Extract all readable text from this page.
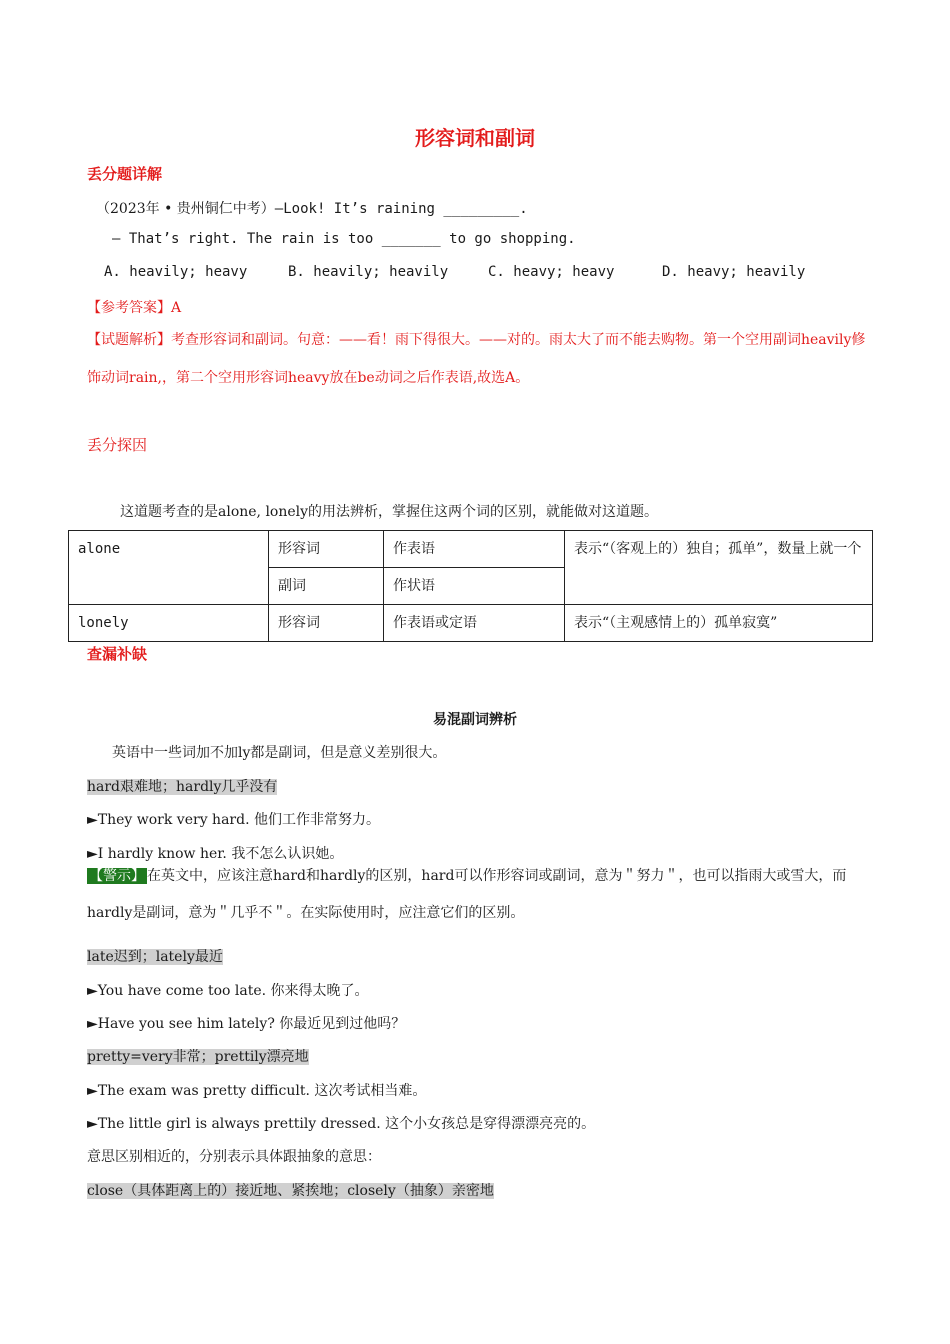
形容词和副词
丢分题详解
（2023年 • 贵州铜仁中考）—Look! It’s raining _________.
— That’s right. The rain is too _______ to go shopping.
A. heavily; heavy	B. heavily; heavily	C. heavy; heavy	D. heavy; heavily
【参考答案】A
【试题解析】考查形容词和副词。句意：——看！雨下得很大。——对的。雨太大了而不能去购物。第一个空用副词heavily修饰动词rain,，第二个空用形容词heavy放在be动词之后作表语,故选A。
丢分探因
这道题考查的是alone, lonely的用法辨析，掌握住这两个词的区别，就能做对这道题。
alone	形容词	作表语	表示“（客观上的）独自；孤单”，数量上就一个
	副词	作状语	
lonely	形容词	作表语或定语	表示“（主观感情上的）孤单寂寞”
查漏补缺
易混副词辨析
英语中一些词加不加ly都是副词，但是意义差别很大。
hard艰难地；hardly几乎没有
►They work very hard. 他们工作非常努力。
►I hardly know her. 我不怎么认识她。
【警示】 在英文中，应该注意hard和hardly的区别，hard可以作形容词或副词，意为＂努力＂，也可以指雨大或雪大，而hardly是副词，意为＂几乎不＂。在实际使用时，应注意它们的区别。
late迟到；lately最近
►You have come too late. 你来得太晚了。
►Have you see him lately? 你最近见到过他吗？
pretty=very非常；prettily漂亮地
►The exam was pretty difficult. 这次考试相当难。
►The little girl is always prettily dressed. 这个小女孩总是穿得漂漂亮亮的。
意思区别相近的，分别表示具体跟抽象的意思：
close（具体距离上的）接近地、紧挨地；closely（抽象）亲密地
